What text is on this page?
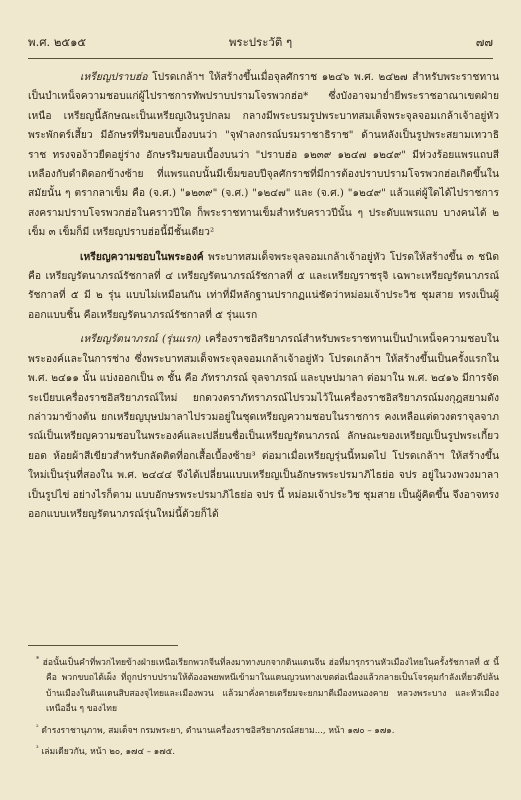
พ.ศ. ๒๕๑๕	พระประวัติ ๆ	๗๗

เหรียญปราบฮ่อ โปรดเกล้าฯ ให้สร้างขึ้นเมื่อจุลศักราช ๑๒๔๖ พ.ศ. ๒๔๒๗ สำหรับพระราชทานเป็นบำเหน็จความชอบแก่ผู้ไปราชการทัพปราบปรามโจรพวกฮ่อ* ซึ่งบังอาจมาย่ำยีพระราชอาณาเขตฝ่ายเหนือ เหรียญนี้ลักษณะเป็นเหรียญเงินรูปกลม กลางมีพระบรมรูปพระบาทสมเด็จพระจุลจอมเกล้าเจ้าอยู่หัว พระพักตร์เสี้ยว มีอักษรที่ริมขอบเบื้องบนว่า "จุฬาลงกรณ์บรมราชาธิราช" ด้านหลังเป็นรูปพระสยามเทวาธิราช ทรงจอง้าวยืดอยู่ร่าง อักษรริมขอบเบื้องบนว่า "ปราบฮ่อ ๑๒๓๙ ๑๒๔๗ ๑๒๔๙" มีห่วงร้อยแพรแถบสีเหลืองกับดำติดอกข้างซ้าย ที่แพรแถบนั้นมีเข็มขอบปีจุลศักราชที่มีการต้องปราบปรามโจรพวกฮ่อเกิดขึ้นในสมัยนั้น ๆ ตรากลาเข็ม คือ (จ.ศ.) "๑๒๓๙" (จ.ศ.) "๑๒๔๗" และ (จ.ศ.) "๑๒๔๙" แล้วแต่ผู้ใดได้ไปราชการสงครามปราบโจรพวกฮ่อในคราวปีใด ก็พระราชทานเข็มสำหรับคราวปีนั้น ๆ ประดับแพรแถบ บางคนได้ ๒ เข็ม ๓ เข็มก็มี เหรียญปราบฮ่อนี้มีชั้นเดียว²

เหรียญความชอบในพระองค์ พระบาทสมเด็จพระจุลจอมเกล้าเจ้าอยู่หัว โปรดให้สร้างขึ้น ๓ ชนิดคือ เหรียญรัตนาภรณ์รัชกาลที่ ๔ เหรียญรัตนาภรณ์รัชกาลที่ ๕ และเหรียญราชรุจิ เฉพาะเหรียญรัตนาภรณ์รัชกาลที่ ๕ มี ๒ รุ่น แบบไม่เหมือนกัน เท่าที่มีหลักฐานปรากฏแน่ชัดว่าหม่อมเจ้าประวิช ชุมสาย ทรงเป็นผู้ออกแบบชิ้น คือเหรียญรัตนาภรณ์รัชกาลที่ ๕ รุ่นแรก

เหรียญรัตนาภรณ์ (รุ่นแรก) เครื่องราชอิสริยาภรณ์สำหรับพระราชทานเป็นบำเหน็จความชอบในพระองค์และในการช่าง ซึ่งพระบาทสมเด็จพระจุลจอมเกล้าเจ้าอยู่หัว โปรดเกล้าฯ ให้สร้างขึ้นเป็นครั้งแรกใน พ.ศ. ๒๔๑๑ นั้น แบ่งออกเป็น ๓ ชั้น คือ ภัทราภรณ์ จุลจาภรณ์ และบุษปมาลา ต่อมาใน พ.ศ. ๒๔๑๖ มีการจัดระเบียบเครื่องราชอิสริยาภรณ์ใหม่ ยกดวงตราภัทราภรณ์ไปรวมไว้ในเครื่องราชอิสริยาภรณ์มงกุฎสยามดังกล่าวมาข้างต้น ยกเหรียญบุษปมาลาไปรวมอยู่ในชุดเหรียญความชอบในราชการ คงเหลือแต่ดวงตราจุลจาภรณ์เป็นเหรียญความชอบในพระองค์และเปลี่ยนชื่อเป็นเหรียญรัตนาภรณ์ ลักษณะของเหรียญเป็นรูปพระเกี้ยวยอด ห้อยผ้าสีเขียวสำหรับกลัดติดที่อกเสื้อเบื้องซ้าย³ ต่อมาเมื่อเหรียญรุ่นนี้หมดไป โปรดเกล้าฯ ให้สร้างขึ้นใหม่เป็นรุ่นที่สองใน พ.ศ. ๒๔๔๔ จึงได้เปลี่ยนแบบเหรียญเป็นอักษรพระปรมาภิไธย่อ จปร อยู่ในวงพวงมาลาเป็นรูปไข่ อย่างไรก็ตาม แบบอักษรพระปรมาภิไธย่อ จปร นี้ หม่อมเจ้าประวิช ชุมสาย เป็นผู้คิดขึ้น จึงอาจทรงออกแบบเหรียญรัตนาภรณ์รุ่นใหม่นี้ด้วยก็ได้

* ฮ่อนั้นเป็นคำที่พวกไทยข้างฝ่ายเหนือเรียกพวกจีนที่ลงมาทางบกจากดินแดนจีน ฮ่อที่มารุกรานหัวเมืองไทยในครั้งรัชกาลที่ ๕ นี้ คือ พวกขบถไต้เผ็ง ที่ถูกปราบปรามให้ต้องอพยพหนีเข้ามาในแดนญวนทางเขตต่อเนื่องแล้วกลายเป็นโจรคุมกำลังเที่ยวตีปล้นบ้านเมืองในดินแดนสิบสองจุไทยและเมืองพวน แล้วมาคั่งคายเตรียมจะยกมาตีเมืองหนองคาย หลวงพระบาง และหัวเมืองเหนืออื่น ๆ ของไทย

$^{^2}$ ดำรงราชานุภาพ, สมเด็จฯ กรมพระยา, ตำนานเครื่องราชอิสริยาภรณ์สยาม..., หน้า ๑๗๐ – ๑๗๑.

$^{^3}$ เล่มเดียวกัน, หน้า ๒๐, ๑๗๔ – ๑๗๕.
